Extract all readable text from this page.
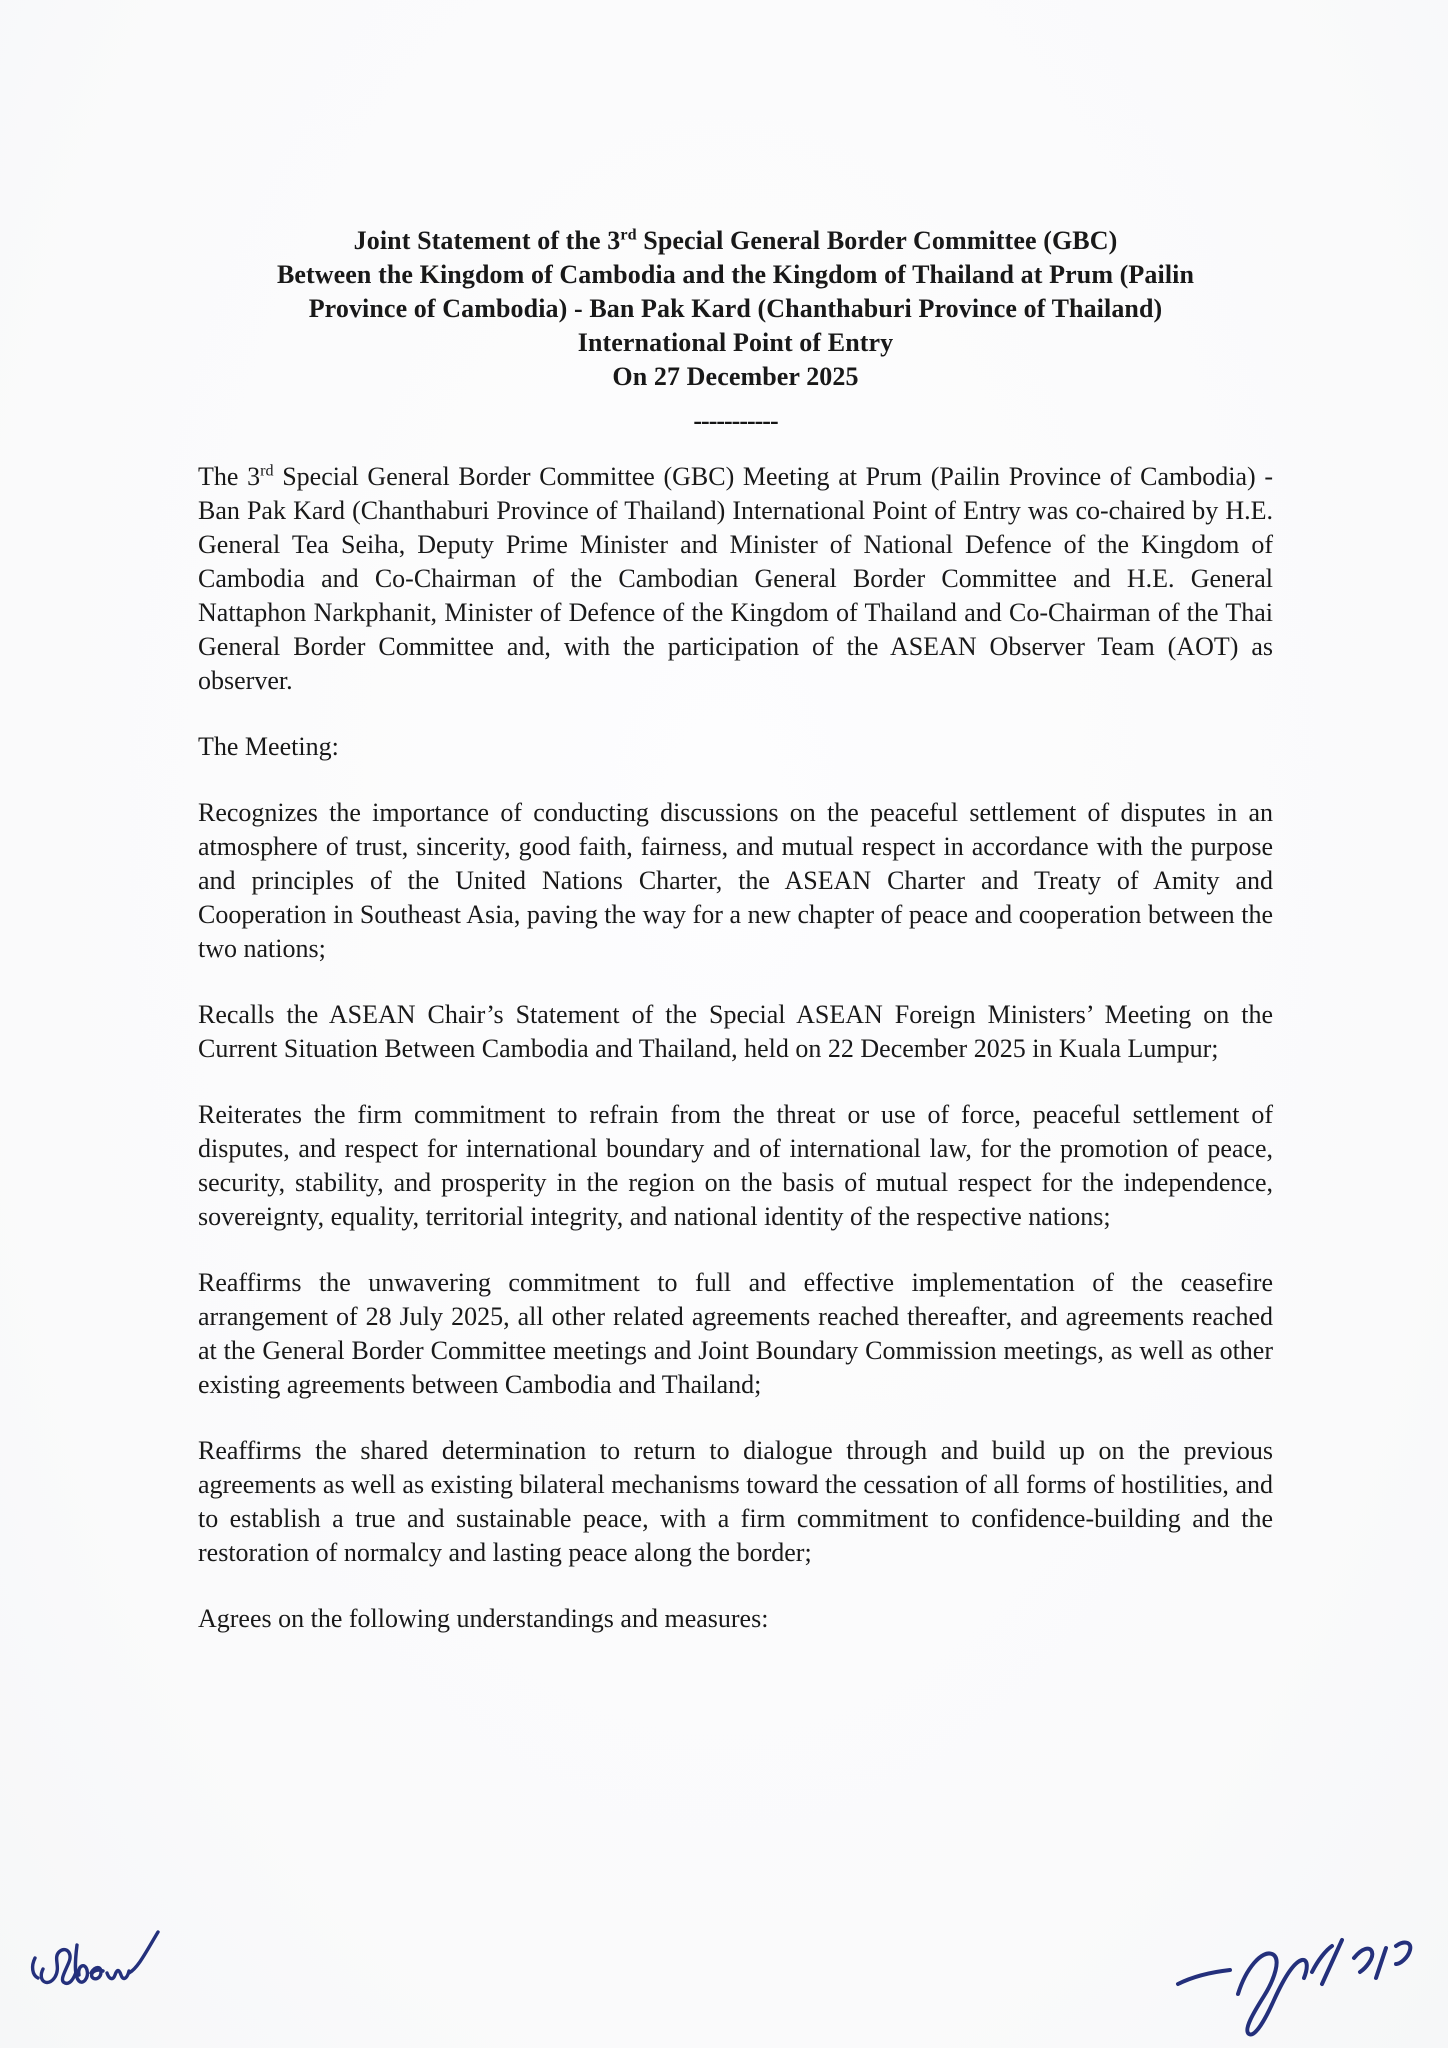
Joint Statement of the 3rd Special General Border Committee (GBC)
Between the Kingdom of Cambodia and the Kingdom of Thailand at Prum (Pailin
Province of Cambodia) - Ban Pak Kard (Chanthaburi Province of Thailand)
International Point of Entry
On 27 December 2025
-----------

The 3rd Special General Border Committee (GBC) Meeting at Prum (Pailin Province of Cambodia) - Ban Pak Kard (Chanthaburi Province of Thailand) International Point of Entry was co-chaired by H.E. General Tea Seiha, Deputy Prime Minister and Minister of National Defence of the Kingdom of Cambodia and Co-Chairman of the Cambodian General Border Committee and H.E. General Nattaphon Narkphanit, Minister of Defence of the Kingdom of Thailand and Co-Chairman of the Thai General Border Committee and, with the participation of the ASEAN Observer Team (AOT) as observer.

The Meeting:

Recognizes the importance of conducting discussions on the peaceful settlement of disputes in an atmosphere of trust, sincerity, good faith, fairness, and mutual respect in accordance with the purpose and principles of the United Nations Charter, the ASEAN Charter and Treaty of Amity and Cooperation in Southeast Asia, paving the way for a new chapter of peace and cooperation between the two nations;

Recalls the ASEAN Chair’s Statement of the Special ASEAN Foreign Ministers’ Meeting on the Current Situation Between Cambodia and Thailand, held on 22 December 2025 in Kuala Lumpur;

Reiterates the firm commitment to refrain from the threat or use of force, peaceful settlement of disputes, and respect for international boundary and of international law, for the promotion of peace, security, stability, and prosperity in the region on the basis of mutual respect for the independence, sovereignty, equality, territorial integrity, and national identity of the respective nations;

Reaffirms the unwavering commitment to full and effective implementation of the ceasefire arrangement of 28 July 2025, all other related agreements reached thereafter, and agreements reached at the General Border Committee meetings and Joint Boundary Commission meetings, as well as other existing agreements between Cambodia and Thailand;

Reaffirms the shared determination to return to dialogue through and build up on the previous agreements as well as existing bilateral mechanisms toward the cessation of all forms of hostilities, and to establish a true and sustainable peace, with a firm commitment to confidence-building and the restoration of normalcy and lasting peace along the border;

Agrees on the following understandings and measures:
